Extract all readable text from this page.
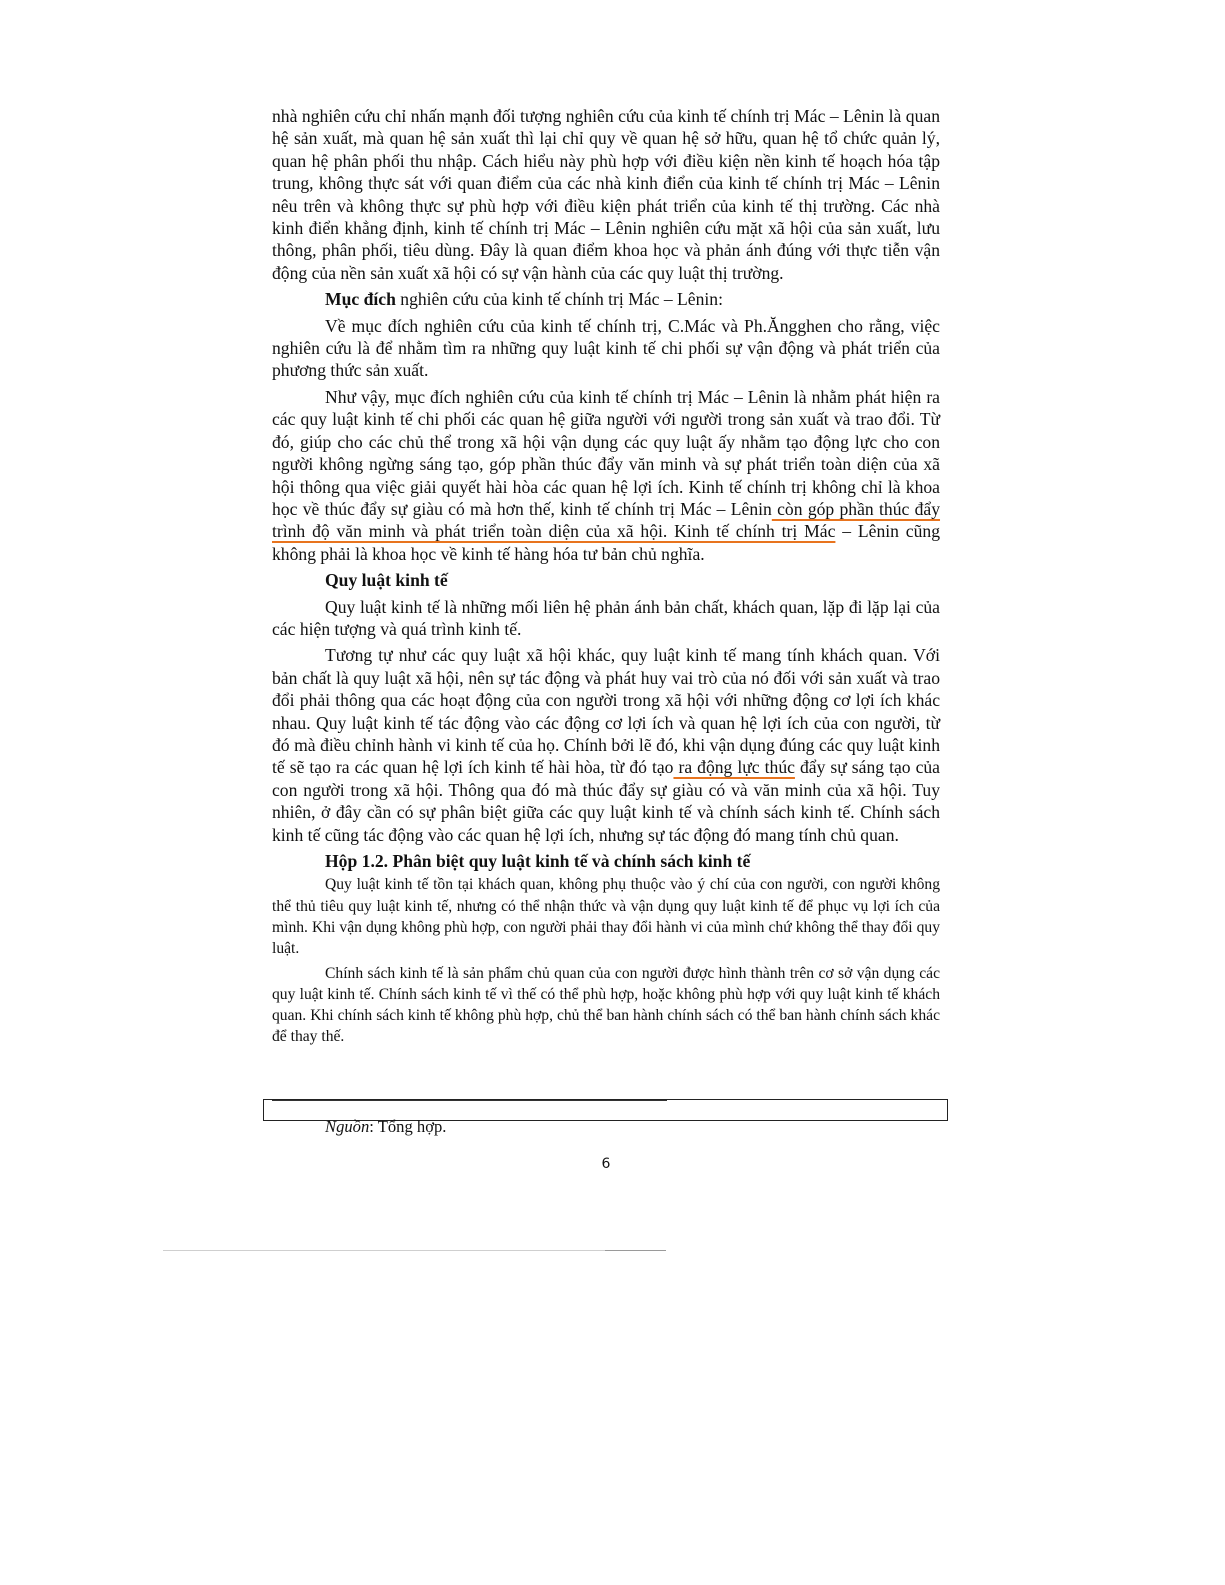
nhà nghiên cứu chỉ nhấn mạnh đối tượng nghiên cứu của kinh tế chính trị Mác – Lênin là quan hệ sản xuất, mà quan hệ sản xuất thì lại chỉ quy về quan hệ sở hữu, quan hệ tổ chức quản lý, quan hệ phân phối thu nhập. Cách hiểu này phù hợp với điều kiện nền kinh tế hoạch hóa tập trung, không thực sát với quan điểm của các nhà kinh điển của kinh tế chính trị Mác – Lênin nêu trên và không thực sự phù hợp với điều kiện phát triển của kinh tế thị trường. Các nhà kinh điển khẳng định, kinh tế chính trị Mác – Lênin nghiên cứu mặt xã hội của sản xuất, lưu thông, phân phối, tiêu dùng. Đây là quan điểm khoa học và phản ánh đúng với thực tiễn vận động của nền sản xuất xã hội có sự vận hành của các quy luật thị trường.

Mục đích nghiên cứu của kinh tế chính trị Mác – Lênin:

Về mục đích nghiên cứu của kinh tế chính trị, C.Mác và Ph.Ăngghen cho rằng, việc nghiên cứu là để nhằm tìm ra những quy luật kinh tế chi phối sự vận động và phát triển của phương thức sản xuất.

Như vậy, mục đích nghiên cứu của kinh tế chính trị Mác – Lênin là nhằm phát hiện ra các quy luật kinh tế chi phối các quan hệ giữa người với người trong sản xuất và trao đổi. Từ đó, giúp cho các chủ thể trong xã hội vận dụng các quy luật ấy nhằm tạo động lực cho con người không ngừng sáng tạo, góp phần thúc đẩy văn minh và sự phát triển toàn diện của xã hội thông qua việc giải quyết hài hòa các quan hệ lợi ích. Kinh tế chính trị không chỉ là khoa học về thúc đẩy sự giàu có mà hơn thế, kinh tế chính trị Mác – Lênin còn góp phần thúc đẩy trình độ văn minh và phát triển toàn diện của xã hội. Kinh tế chính trị Mác – Lênin cũng không phải là khoa học về kinh tế hàng hóa tư bản chủ nghĩa.

Quy luật kinh tế

Quy luật kinh tế là những mối liên hệ phản ánh bản chất, khách quan, lặp đi lặp lại của các hiện tượng và quá trình kinh tế.

Tương tự như các quy luật xã hội khác, quy luật kinh tế mang tính khách quan. Với bản chất là quy luật xã hội, nên sự tác động và phát huy vai trò của nó đối với sản xuất và trao đổi phải thông qua các hoạt động của con người trong xã hội với những động cơ lợi ích khác nhau. Quy luật kinh tế tác động vào các động cơ lợi ích và quan hệ lợi ích của con người, từ đó mà điều chỉnh hành vi kinh tế của họ. Chính bởi lẽ đó, khi vận dụng đúng các quy luật kinh tế sẽ tạo ra các quan hệ lợi ích kinh tế hài hòa, từ đó tạo ra động lực thúc đẩy sự sáng tạo của con người trong xã hội. Thông qua đó mà thúc đẩy sự giàu có và văn minh của xã hội. Tuy nhiên, ở đây cần có sự phân biệt giữa các quy luật kinh tế và chính sách kinh tế. Chính sách kinh tế cũng tác động vào các quan hệ lợi ích, nhưng sự tác động đó mang tính chủ quan.

Hộp 1.2. Phân biệt quy luật kinh tế và chính sách kinh tế

Quy luật kinh tế tồn tại khách quan, không phụ thuộc vào ý chí của con người, con người không thể thủ tiêu quy luật kinh tế, nhưng có thể nhận thức và vận dụng quy luật kinh tế để phục vụ lợi ích của mình. Khi vận dụng không phù hợp, con người phải thay đổi hành vi của mình chứ không thể thay đổi quy luật.

Chính sách kinh tế là sản phẩm chủ quan của con người được hình thành trên cơ sở vận dụng các quy luật kinh tế. Chính sách kinh tế vì thế có thể phù hợp, hoặc không phù hợp với quy luật kinh tế khách quan. Khi chính sách kinh tế không phù hợp, chủ thể ban hành chính sách có thể ban hành chính sách khác để thay thế.

Nguồn: Tổng hợp.
6
